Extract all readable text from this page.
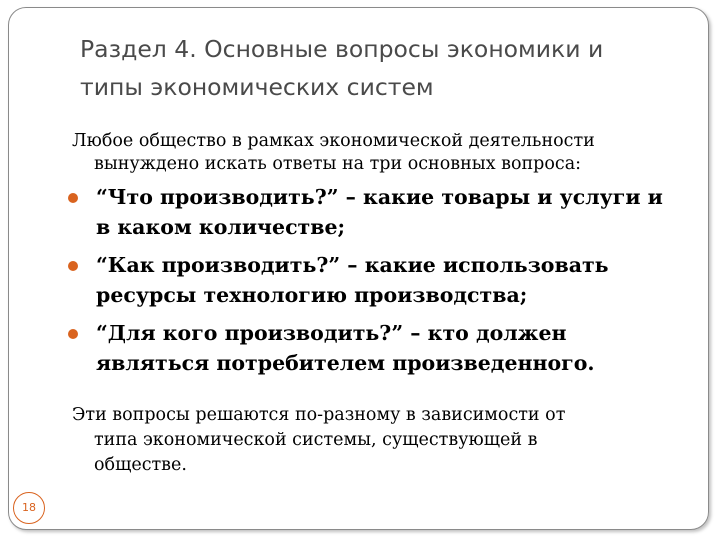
Раздел 4. Основные вопросы экономики и
типы экономических систем
Любое общество в рамках экономической деятельности
вынуждено искать ответы на три основных вопроса:
“Что производить?” – какие товары и услуги и
в каком количестве;
“Как производить?” – какие использовать
ресурсы технологию производства;
“Для кого производить?” – кто должен
являться потребителем произведенного.
Эти вопросы решаются по-разному в зависимости от
типа экономической системы, существующей в
обществе.
18
